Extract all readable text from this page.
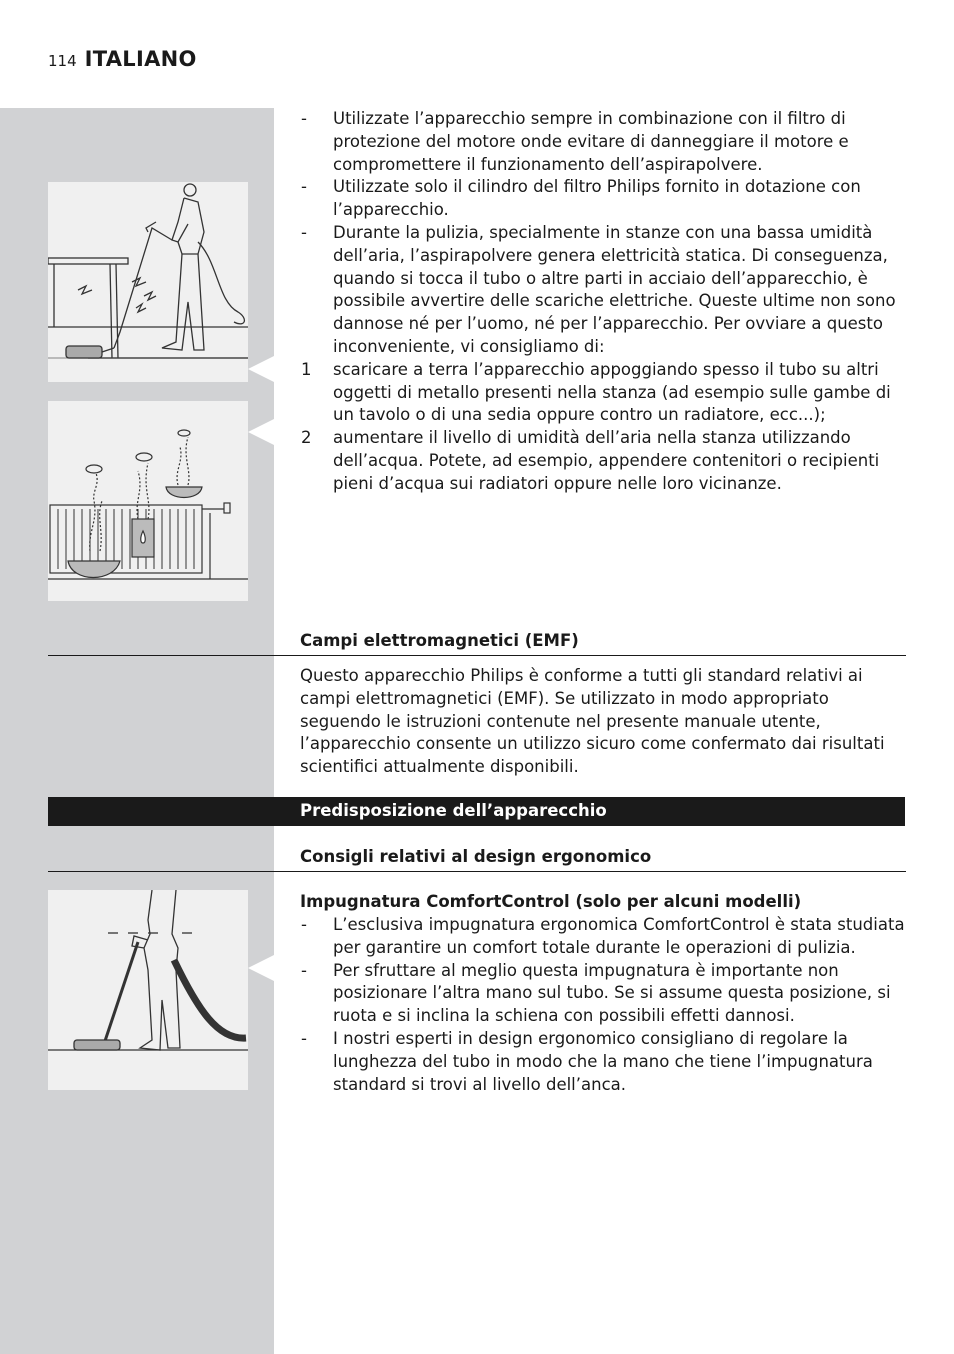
114 ITALIANO
-	Utilizzate l’apparecchio sempre in combinazione con il filtro di protezione del motore onde evitare di danneggiare il motore e compromettere il funzionamento dell’aspirapolvere.
-	Utilizzate solo il cilindro del filtro Philips fornito in dotazione con l’apparecchio.
-	Durante la pulizia, specialmente in stanze con una bassa umidità dell’aria, l’aspirapolvere genera elettricità statica. Di conseguenza, quando si tocca il tubo o altre parti in acciaio dell’apparecchio, è possibile avvertire delle scariche elettriche. Queste ultime non sono dannose né per l’uomo, né per l’apparecchio. Per ovviare a questo inconveniente, vi consigliamo di:
1	scaricare a terra l’apparecchio appoggiando spesso il tubo su altri oggetti di metallo presenti nella stanza (ad esempio sulle gambe di un tavolo o di una sedia oppure contro un radiatore, ecc...);
2	aumentare il livello di umidità dell’aria nella stanza utilizzando dell’acqua. Potete, ad esempio, appendere contenitori o recipienti pieni d’acqua sui radiatori oppure nelle loro vicinanze.
Campi elettromagnetici (EMF)
Questo apparecchio Philips è conforme a tutti gli standard relativi ai campi elettromagnetici (EMF). Se utilizzato in modo appropriato seguendo le istruzioni contenute nel presente manuale utente, l’apparecchio consente un utilizzo sicuro come confermato dai risultati scientifici attualmente disponibili.
Predisposizione dell’apparecchio
Consigli relativi al design ergonomico
Impugnatura ComfortControl (solo per alcuni modelli)
-	L’esclusiva impugnatura ergonomica ComfortControl è stata studiata per garantire un comfort totale durante le operazioni di pulizia.
-	Per sfruttare al meglio questa impugnatura è importante non posizionare l’altra mano sul tubo. Se si assume questa posizione, si ruota e si inclina la schiena con possibili effetti dannosi.
-	I nostri esperti in design ergonomico consigliano di regolare la lunghezza del tubo in modo che la mano che tiene l’impugnatura standard si trovi al livello dell’anca.
